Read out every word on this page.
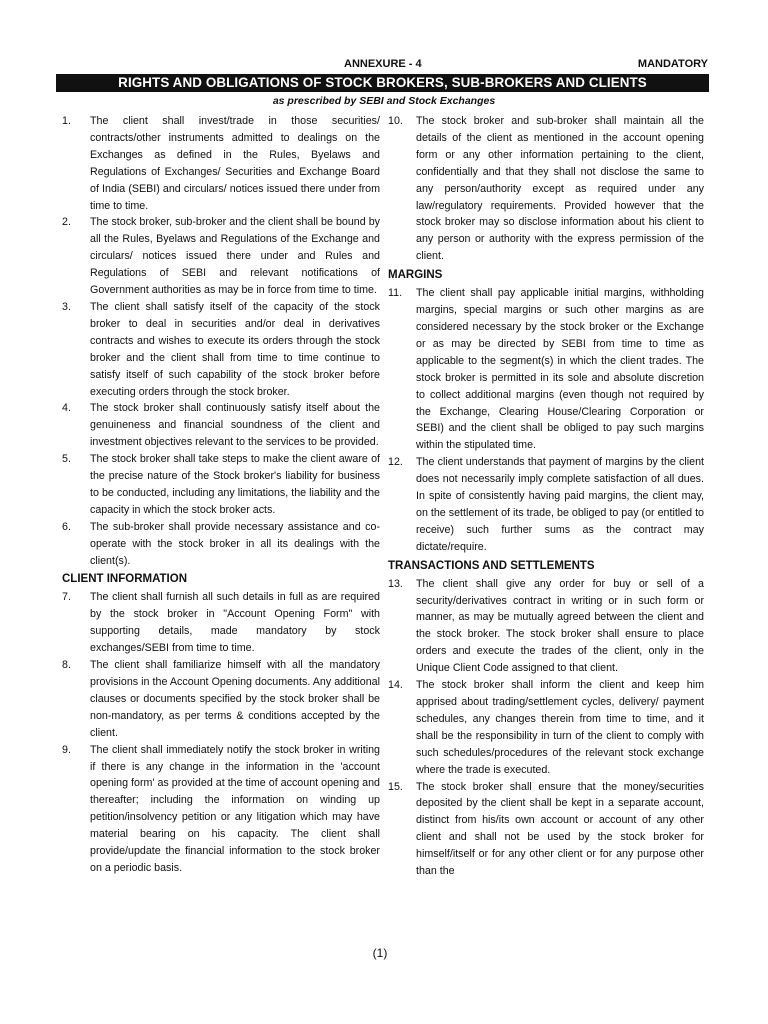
ANNEXURE - 4	MANDATORY
RIGHTS AND OBLIGATIONS OF STOCK BROKERS, SUB-BROKERS AND CLIENTS
as prescribed by SEBI and Stock Exchanges
1.	The client shall invest/trade in those securities/ contracts/other instruments admitted to dealings on the Exchanges as defined in the Rules, Byelaws and Regulations of Exchanges/ Securities and Exchange Board of India (SEBI) and circulars/ notices issued there under from time to time.
2.	The stock broker, sub-broker and the client shall be bound by all the Rules, Byelaws and Regulations of the Exchange and circulars/ notices issued there under and Rules and Regulations of SEBI and relevant notifications of Government authorities as may be in force from time to time.
3.	The client shall satisfy itself of the capacity of the stock broker to deal in securities and/or deal in derivatives contracts and wishes to execute its orders through the stock broker and the client shall from time to time continue to satisfy itself of such capability of the stock broker before executing orders through the stock broker.
4.	The stock broker shall continuously satisfy itself about the genuineness and financial soundness of the client and investment objectives relevant to the services to be provided.
5.	The stock broker shall take steps to make the client aware of the precise nature of the Stock broker's liability for business to be conducted, including any limitations, the liability and the capacity in which the stock broker acts.
6.	The sub-broker shall provide necessary assistance and co-operate with the stock broker in all its dealings with the client(s).
CLIENT INFORMATION
7.	The client shall furnish all such details in full as are required by the stock broker in "Account Opening Form" with supporting details, made mandatory by stock exchanges/SEBI from time to time.
8.	The client shall familiarize himself with all the mandatory provisions in the Account Opening documents. Any additional clauses or documents specified by the stock broker shall be non-mandatory, as per terms & conditions accepted by the client.
9.	The client shall immediately notify the stock broker in writing if there is any change in the information in the 'account opening form' as provided at the time of account opening and thereafter; including the information on winding up petition/insolvency petition or any litigation which may have material bearing on his capacity. The client shall provide/update the financial information to the stock broker on a periodic basis.
10.	The stock broker and sub-broker shall maintain all the details of the client as mentioned in the account opening form or any other information pertaining to the client, confidentially and that they shall not disclose the same to any person/authority except as required under any law/regulatory requirements. Provided however that the stock broker may so disclose information about his client to any person or authority with the express permission of the client.
MARGINS
11.	The client shall pay applicable initial margins, withholding margins, special margins or such other margins as are considered necessary by the stock broker or the Exchange or as may be directed by SEBI from time to time as applicable to the segment(s) in which the client trades. The stock broker is permitted in its sole and absolute discretion to collect additional margins (even though not required by the Exchange, Clearing House/Clearing Corporation or SEBI) and the client shall be obliged to pay such margins within the stipulated time.
12.	The client understands that payment of margins by the client does not necessarily imply complete satisfaction of all dues. In spite of consistently having paid margins, the client may, on the settlement of its trade, be obliged to pay (or entitled to receive) such further sums as the contract may dictate/require.
TRANSACTIONS AND SETTLEMENTS
13.	The client shall give any order for buy or sell of a security/derivatives contract in writing or in such form or manner, as may be mutually agreed between the client and the stock broker. The stock broker shall ensure to place orders and execute the trades of the client, only in the Unique Client Code assigned to that client.
14.	The stock broker shall inform the client and keep him apprised about trading/settlement cycles, delivery/ payment schedules, any changes therein from time to time, and it shall be the responsibility in turn of the client to comply with such schedules/procedures of the relevant stock exchange where the trade is executed.
15.	The stock broker shall ensure that the money/securities deposited by the client shall be kept in a separate account, distinct from his/its own account or account of any other client and shall not be used by the stock broker for himself/itself or for any other client or for any purpose other than the
(1)
